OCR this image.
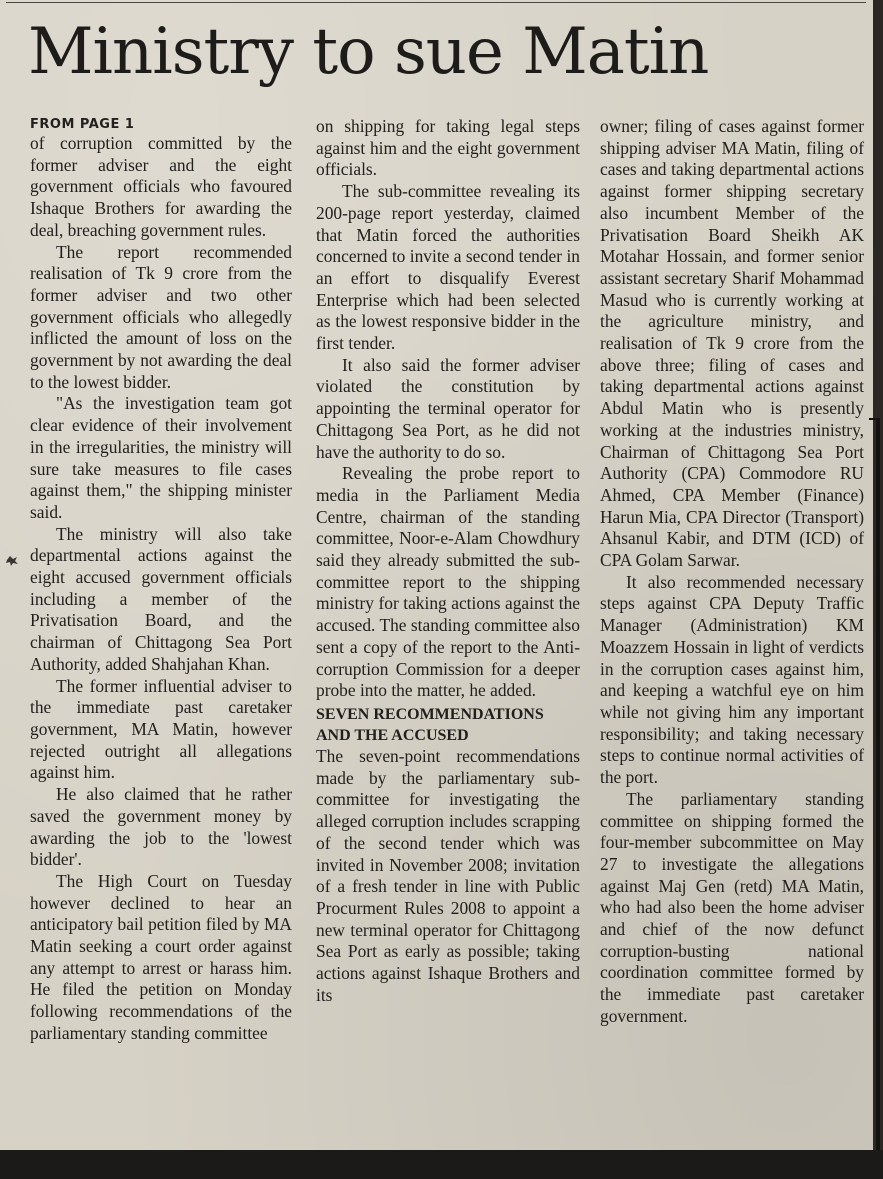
Ministry to sue Matin

FROM PAGE 1

of corruption committed by the former adviser and the eight government officials who favoured Ishaque Brothers for awarding the deal, breaching government rules.

The report recommended realisation of Tk 9 crore from the former adviser and two other government officials who allegedly inflicted the amount of loss on the government by not awarding the deal to the lowest bidder.

"As the investigation team got clear evidence of their involvement in the irregularities, the ministry will sure take measures to file cases against them," the shipping minister said.

The ministry will also take departmental actions against the eight accused government officials including a member of the Privatisation Board, and the chairman of Chittagong Sea Port Authority, added Shahjahan Khan.

The former influential adviser to the immediate past caretaker government, MA Matin, however rejected outright all allegations against him.

He also claimed that he rather saved the government money by awarding the job to the 'lowest bidder'.

The High Court on Tuesday however declined to hear an anticipatory bail petition filed by MA Matin seeking a court order against any attempt to arrest or harass him. He filed the petition on Monday following recommendations of the parliamentary standing committee

on shipping for taking legal steps against him and the eight government officials.

The sub-committee revealing its 200-page report yesterday, claimed that Matin forced the authorities concerned to invite a second tender in an effort to disqualify Everest Enterprise which had been selected as the lowest responsive bidder in the first tender.

It also said the former adviser violated the constitution by appointing the terminal operator for Chittagong Sea Port, as he did not have the authority to do so.

Revealing the probe report to media in the Parliament Media Centre, chairman of the standing committee, Noor-e-Alam Chowdhury said they already submitted the sub-committee report to the shipping ministry for taking actions against the accused. The standing committee also sent a copy of the report to the Anti-corruption Commission for a deeper probe into the matter, he added.

SEVEN RECOMMENDATIONS

AND THE ACCUSED

The seven-point recommendations made by the parliamentary sub-committee for investigating the alleged corruption includes scrapping of the second tender which was invited in November 2008; invitation of a fresh tender in line with Public Procurment Rules 2008 to appoint a new terminal operator for Chittagong Sea Port as early as possible; taking actions against Ishaque Brothers and its

owner; filing of cases against former shipping adviser MA Matin, filing of cases and taking departmental actions against former shipping secretary also incumbent Member of the Privatisation Board Sheikh AK Motahar Hossain, and former senior assistant secretary Sharif Mohammad Masud who is currently working at the agriculture ministry, and realisation of Tk 9 crore from the above three; filing of cases and taking departmental actions against Abdul Matin who is presently working at the industries ministry, Chairman of Chittagong Sea Port Authority (CPA) Commodore RU Ahmed, CPA Member (Finance) Harun Mia, CPA Director (Transport) Ahsanul Kabir, and DTM (ICD) of CPA Golam Sarwar.

It also recommended necessary steps against CPA Deputy Traffic Manager (Administration) KM Moazzem Hossain in light of verdicts in the corruption cases against him, and keeping a watchful eye on him while not giving him any important responsibility; and taking necessary steps to continue normal activities of the port.

The parliamentary standing committee on shipping formed the four-member subcommittee on May 27 to investigate the allegations against Maj Gen (retd) MA Matin, who had also been the home adviser and chief of the now defunct corruption-busting national coordination committee formed by the immediate past caretaker government.
